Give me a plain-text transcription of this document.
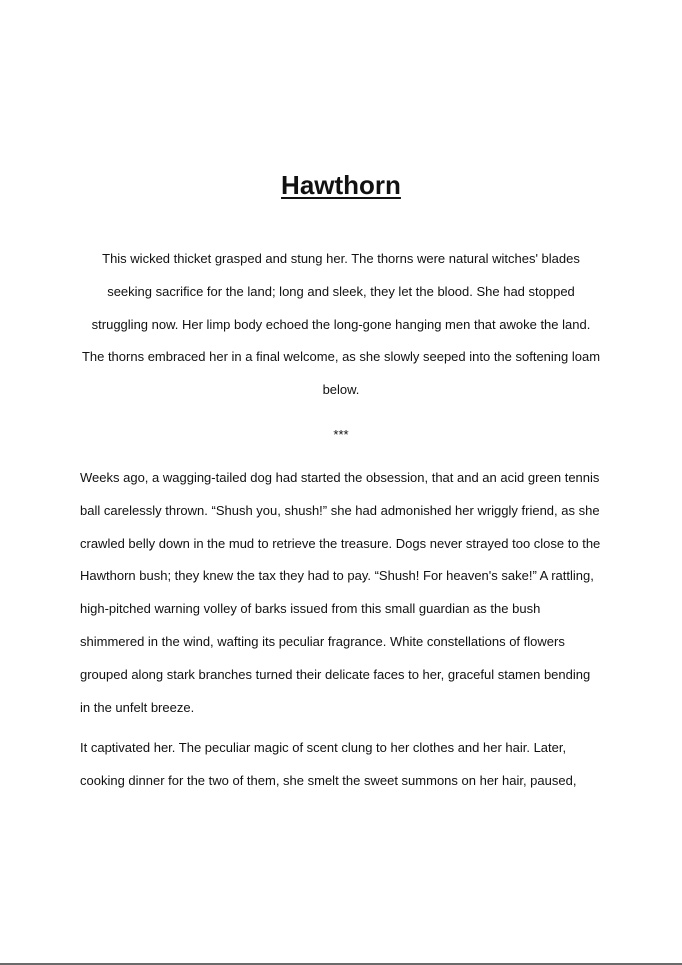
Hawthorn

This wicked thicket grasped and stung her. The thorns were natural witches' blades seeking sacrifice for the land; long and sleek, they let the blood. She had stopped struggling now. Her limp body echoed the long-gone hanging men that awoke the land. The thorns embraced her in a final welcome, as she slowly seeped into the softening loam below.

***

Weeks ago, a wagging-tailed dog had started the obsession, that and an acid green tennis ball carelessly thrown. “Shush you, shush!” she had admonished her wriggly friend, as she crawled belly down in the mud to retrieve the treasure. Dogs never strayed too close to the Hawthorn bush; they knew the tax they had to pay. “Shush! For heaven's sake!” A rattling, high-pitched warning volley of barks issued from this small guardian as the bush shimmered in the wind, wafting its peculiar fragrance. White constellations of flowers grouped along stark branches turned their delicate faces to her, graceful stamen bending in the unfelt breeze.

It captivated her. The peculiar magic of scent clung to her clothes and her hair. Later, cooking dinner for the two of them, she smelt the sweet summons on her hair, paused,
